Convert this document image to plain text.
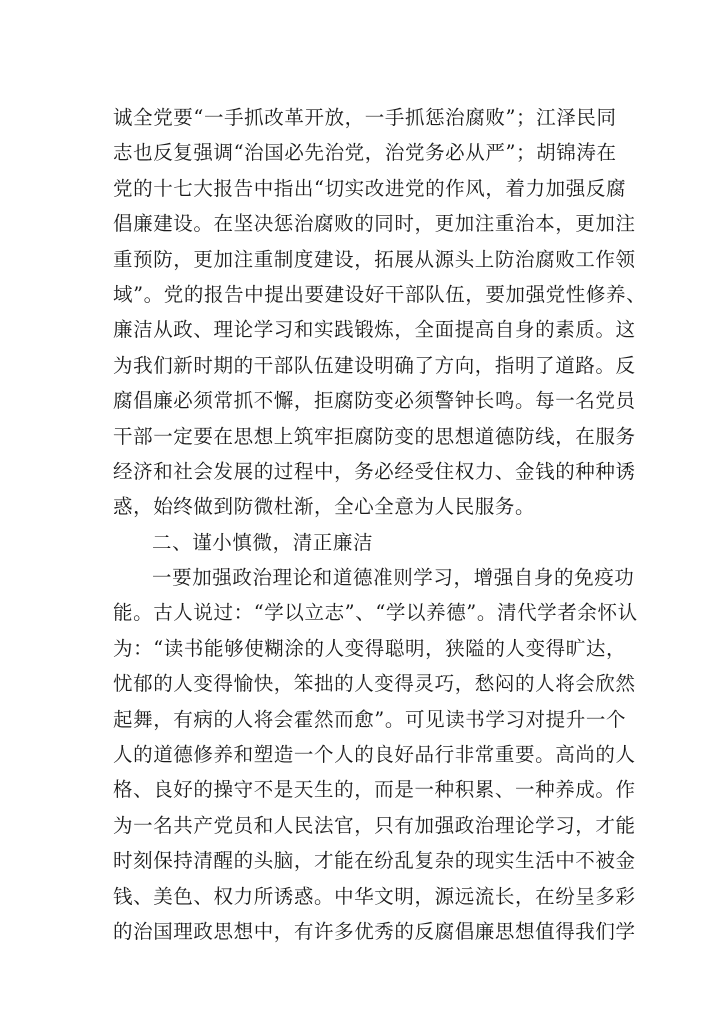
诚全党要“一手抓改革开放，一手抓惩治腐败”；江泽民同
志也反复强调“治国必先治党，治党务必从严”；胡锦涛在
党的十七大报告中指出“切实改进党的作风，着力加强反腐
倡廉建设。在坚决惩治腐败的同时，更加注重治本，更加注
重预防，更加注重制度建设，拓展从源头上防治腐败工作领
域”。党的报告中提出要建设好干部队伍，要加强党性修养、
廉洁从政、理论学习和实践锻炼，全面提高自身的素质。这
为我们新时期的干部队伍建设明确了方向，指明了道路。反
腐倡廉必须常抓不懈，拒腐防变必须警钟长鸣。每一名党员
干部一定要在思想上筑牢拒腐防变的思想道德防线，在服务
经济和社会发展的过程中，务必经受住权力、金钱的种种诱
惑，始终做到防微杜渐，全心全意为人民服务。
二、谨小慎微，清正廉洁
一要加强政治理论和道德准则学习，增强自身的免疫功
能。古人说过：“学以立志”、“学以养德”。清代学者余怀认
为：“读书能够使糊涂的人变得聪明，狭隘的人变得旷达，
忧郁的人变得愉快，笨拙的人变得灵巧，愁闷的人将会欣然
起舞，有病的人将会霍然而愈”。可见读书学习对提升一个
人的道德修养和塑造一个人的良好品行非常重要。高尚的人
格、良好的操守不是天生的，而是一种积累、一种养成。作
为一名共产党员和人民法官，只有加强政治理论学习，才能
时刻保持清醒的头脑，才能在纷乱复杂的现实生活中不被金
钱、美色、权力所诱惑。中华文明，源远流长，在纷呈多彩
的治国理政思想中，有许多优秀的反腐倡廉思想值得我们学
